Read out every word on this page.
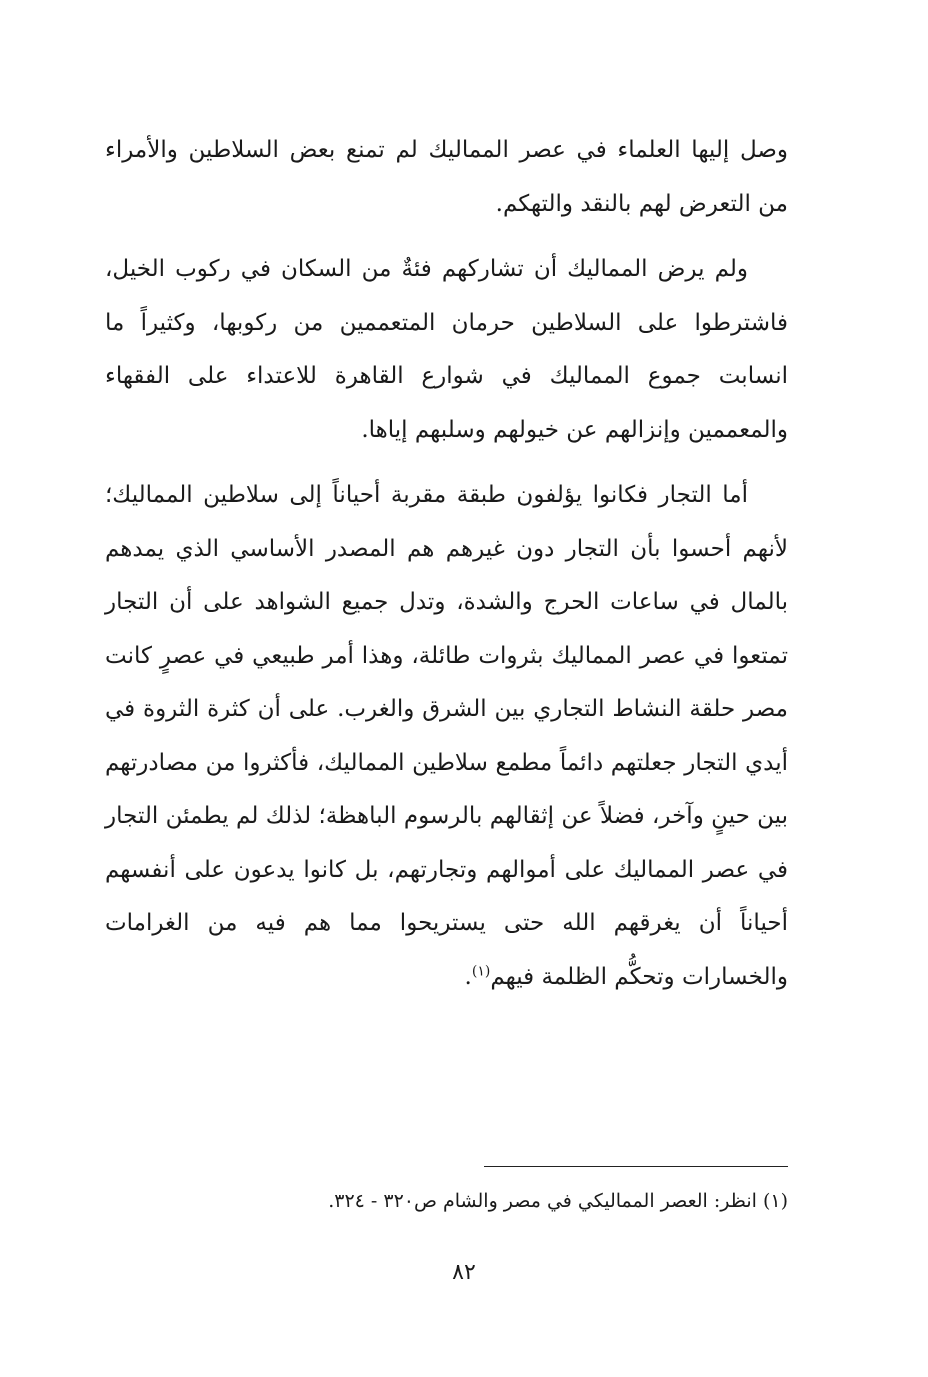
وصل إليها العلماء في عصر المماليك لم تمنع بعض السلاطين والأمراء من التعرض لهم بالنقد والتهكم.

ولم يرض المماليك أن تشاركهم فئةٌ من السكان في ركوب الخيل، فاشترطوا على السلاطين حرمان المتعممين من ركوبها، وكثيراً ما انسابت جموع المماليك في شوارع القاهرة للاعتداء على الفقهاء والمعممين وإنزالهم عن خيولهم وسلبهم إياها.

أما التجار فكانوا يؤلفون طبقة مقربة أحياناً إلى سلاطين المماليك؛ لأنهم أحسوا بأن التجار دون غيرهم هم المصدر الأساسي الذي يمدهم بالمال في ساعات الحرج والشدة، وتدل جميع الشواهد على أن التجار تمتعوا في عصر المماليك بثروات طائلة، وهذا أمر طبيعي في عصرٍ كانت مصر حلقة النشاط التجاري بين الشرق والغرب. على أن كثرة الثروة في أيدي التجار جعلتهم دائماً مطمع سلاطين المماليك، فأكثروا من مصادرتهم بين حينٍ وآخر، فضلاً عن إثقالهم بالرسوم الباهظة؛ لذلك لم يطمئن التجار في عصر المماليك على أموالهم وتجارتهم، بل كانوا يدعون على أنفسهم أحياناً أن يغرقهم الله حتى يستريحوا مما هم فيه من الغرامات والخسارات وتحكُّم الظلمة فيهم$^{(١)}$.

(١) انظر: العصر المماليكي في مصر والشام ص٣٢٠ - ٣٢٤.
٨٢
